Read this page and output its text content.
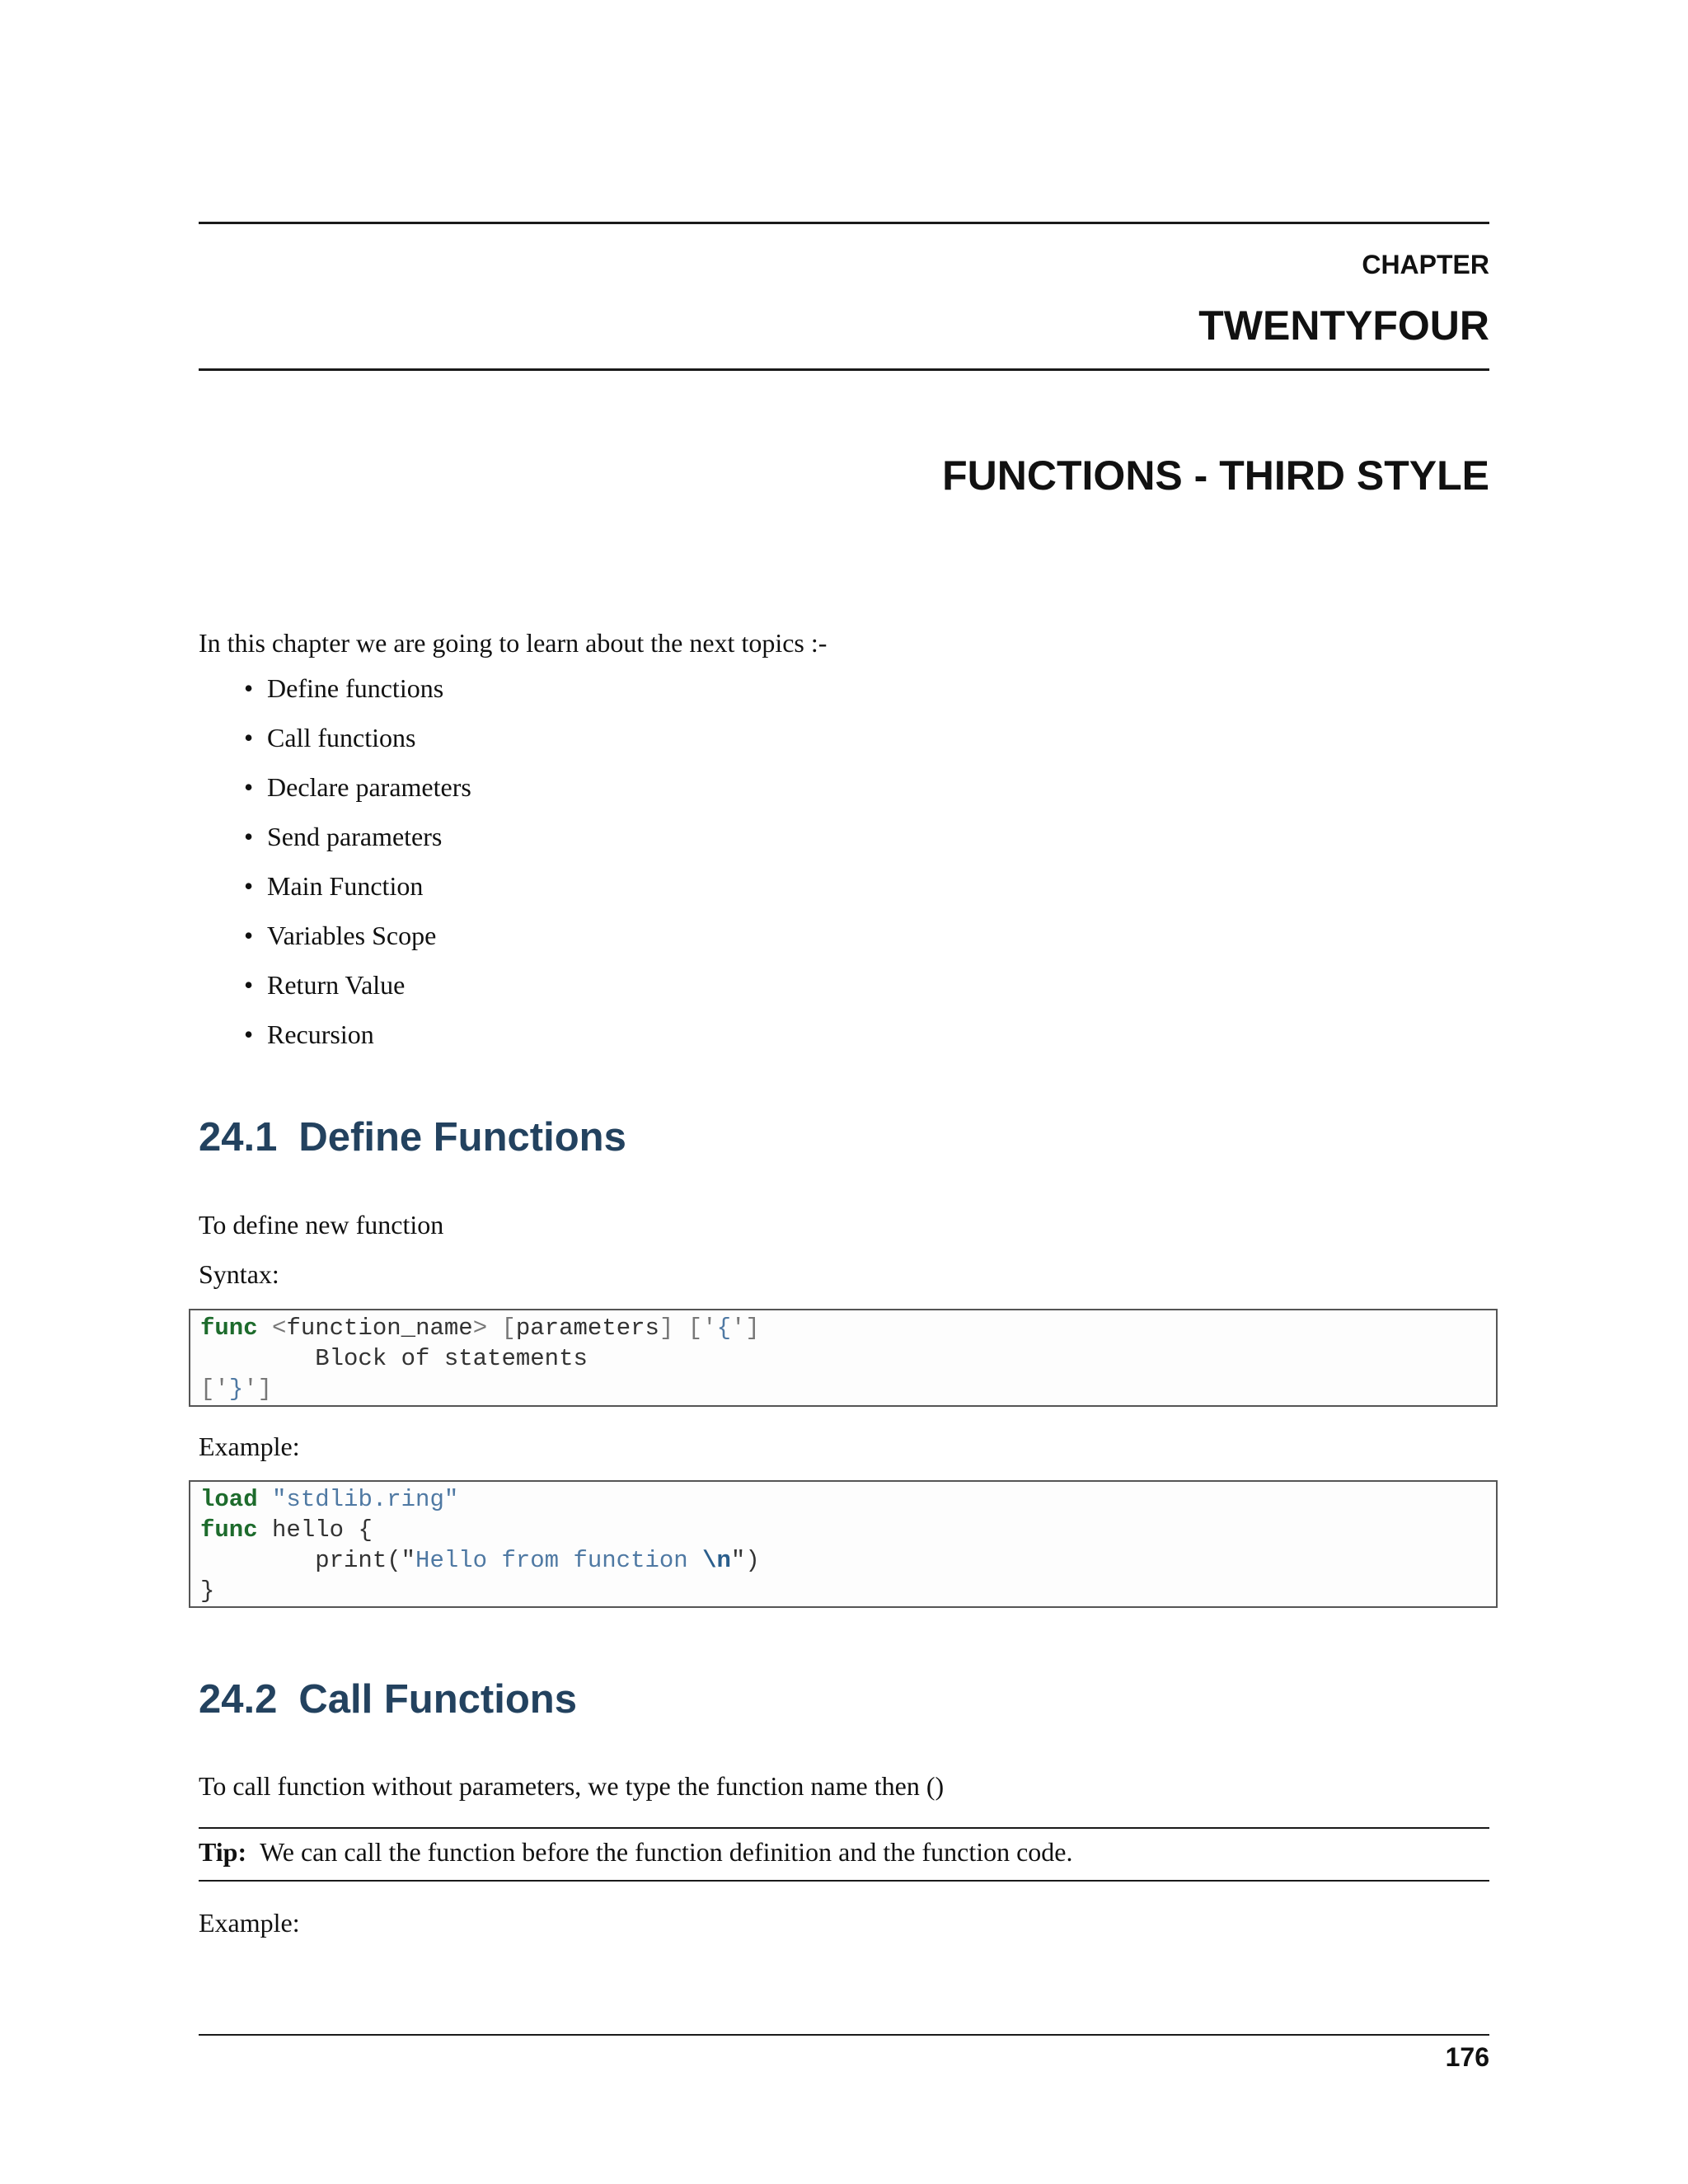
CHAPTER
TWENTYFOUR
FUNCTIONS - THIRD STYLE
In this chapter we are going to learn about the next topics :-
• Define functions
• Call functions
• Declare parameters
• Send parameters
• Main Function
• Variables Scope
• Return Value
• Recursion
24.1 Define Functions
To define new function
Syntax:
func <function_name> [parameters] ['{']
Block of statements
['}']
Example:
load "stdlib.ring"
func hello {
print("Hello from function \n")
}
24.2 Call Functions
To call function without parameters, we type the function name then ()
Tip: We can call the function before the function definition and the function code.
Example:
176
